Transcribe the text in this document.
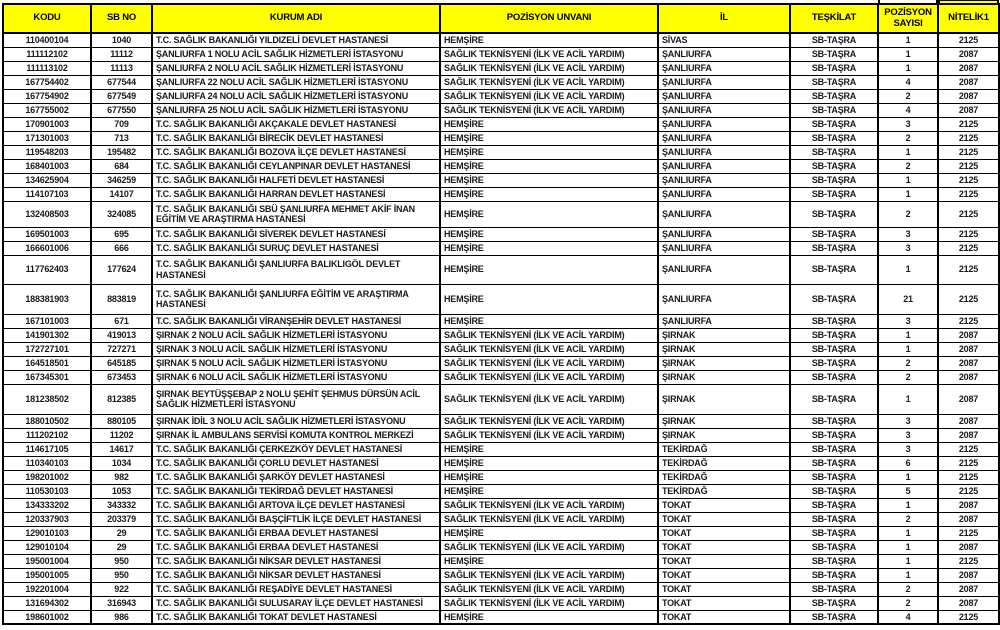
KODU	SB NO	KURUM ADI	POZİSYON UNVANI	İL	TEŞKİLAT	POZİSYON SAYISI	NİTELİK1
110400104	1040	T.C. SAĞLIK BAKANLIĞI YILDIZELİ DEVLET HASTANESİ	HEMŞİRE	SİVAS	SB-TAŞRA	1	2125
111112102	11112	ŞANLIURFA 1 NOLU ACİL SAĞLIK HİZMETLERİ İSTASYONU	SAĞLIK TEKNİSYENİ (İLK VE ACİL YARDIM)	ŞANLIURFA	SB-TAŞRA	1	2087
111113102	11113	ŞANLIURFA 2 NOLU ACİL SAĞLIK HİZMETLERİ İSTASYONU	SAĞLIK TEKNİSYENİ (İLK VE ACİL YARDIM)	ŞANLIURFA	SB-TAŞRA	1	2087
167754402	677544	ŞANLIURFA 22 NOLU ACİL SAĞLIK HİZMETLERİ İSTASYONU	SAĞLIK TEKNİSYENİ (İLK VE ACİL YARDIM)	ŞANLIURFA	SB-TAŞRA	4	2087
167754902	677549	ŞANLIURFA 24 NOLU ACİL SAĞLIK HİZMETLERİ İSTASYONU	SAĞLIK TEKNİSYENİ (İLK VE ACİL YARDIM)	ŞANLIURFA	SB-TAŞRA	2	2087
167755002	677550	ŞANLIURFA 25 NOLU ACİL SAĞLIK HİZMETLERİ İSTASYONU	SAĞLIK TEKNİSYENİ (İLK VE ACİL YARDIM)	ŞANLIURFA	SB-TAŞRA	4	2087
170901003	709	T.C. SAĞLIK BAKANLIĞI AKÇAKALE DEVLET HASTANESİ	HEMŞİRE	ŞANLIURFA	SB-TAŞRA	3	2125
171301003	713	T.C. SAĞLIK BAKANLIĞI BİRECİK DEVLET HASTANESİ	HEMŞİRE	ŞANLIURFA	SB-TAŞRA	2	2125
119548203	195482	T.C. SAĞLIK BAKANLIĞI BOZOVA İLÇE DEVLET HASTANESİ	HEMŞİRE	ŞANLIURFA	SB-TAŞRA	1	2125
168401003	684	T.C. SAĞLIK BAKANLIĞI CEYLANPINAR DEVLET HASTANESİ	HEMŞİRE	ŞANLIURFA	SB-TAŞRA	2	2125
134625904	346259	T.C. SAĞLIK BAKANLIĞI HALFETİ DEVLET HASTANESİ	HEMŞİRE	ŞANLIURFA	SB-TAŞRA	1	2125
114107103	14107	T.C. SAĞLIK BAKANLIĞI HARRAN DEVLET HASTANESİ	HEMŞİRE	ŞANLIURFA	SB-TAŞRA	1	2125
132408503	324085	T.C. SAĞLIK BAKANLIĞI SBÜ ŞANLIURFA MEHMET AKİF İNAN EĞİTİM VE ARAŞTIRMA HASTANESİ	HEMŞİRE	ŞANLIURFA	SB-TAŞRA	2	2125
169501003	695	T.C. SAĞLIK BAKANLIĞI SİVEREK DEVLET HASTANESİ	HEMŞİRE	ŞANLIURFA	SB-TAŞRA	3	2125
166601006	666	T.C. SAĞLIK BAKANLIĞI SURUÇ DEVLET HASTANESİ	HEMŞİRE	ŞANLIURFA	SB-TAŞRA	3	2125
117762403	177624	T.C. SAĞLIK BAKANLIĞI ŞANLIURFA BALIKLIGÖL DEVLET HASTANESİ	HEMŞİRE	ŞANLIURFA	SB-TAŞRA	1	2125
188381903	883819	T.C. SAĞLIK BAKANLIĞI ŞANLIURFA EĞİTİM VE ARAŞTIRMA HASTANESİ	HEMŞİRE	ŞANLIURFA	SB-TAŞRA	21	2125
167101003	671	T.C. SAĞLIK BAKANLIĞI VİRANŞEHİR DEVLET HASTANESİ	HEMŞİRE	ŞANLIURFA	SB-TAŞRA	3	2125
141901302	419013	ŞIRNAK 2 NOLU ACİL SAĞLIK HİZMETLERİ İSTASYONU	SAĞLIK TEKNİSYENİ (İLK VE ACİL YARDIM)	ŞIRNAK	SB-TAŞRA	1	2087
172727101	727271	ŞIRNAK 3 NOLU ACİL SAĞLIK HİZMETLERİ İSTASYONU	SAĞLIK TEKNİSYENİ (İLK VE ACİL YARDIM)	ŞIRNAK	SB-TAŞRA	1	2087
164518501	645185	ŞIRNAK 5 NOLU ACİL SAĞLIK HİZMETLERİ İSTASYONU	SAĞLIK TEKNİSYENİ (İLK VE ACİL YARDIM)	ŞIRNAK	SB-TAŞRA	2	2087
167345301	673453	ŞIRNAK 6 NOLU ACİL SAĞLIK HİZMETLERİ İSTASYONU	SAĞLIK TEKNİSYENİ (İLK VE ACİL YARDIM)	ŞIRNAK	SB-TAŞRA	2	2087
181238502	812385	ŞIRNAK BEYTÜŞŞEBAP 2 NOLU ŞEHİT ŞEHMUS DÜRSÜN ACİL SAĞLIK HİZMETLERİ İSTASYONU	SAĞLIK TEKNİSYENİ (İLK VE ACİL YARDIM)	ŞIRNAK	SB-TAŞRA	1	2087
188010502	880105	ŞIRNAK İDİL 3 NOLU ACİL SAĞLIK HİZMETLERİ İSTASYONU	SAĞLIK TEKNİSYENİ (İLK VE ACİL YARDIM)	ŞIRNAK	SB-TAŞRA	3	2087
111202102	11202	ŞIRNAK İL AMBULANS SERVİSİ KOMUTA KONTROL MERKEZİ	SAĞLIK TEKNİSYENİ (İLK VE ACİL YARDIM)	ŞIRNAK	SB-TAŞRA	3	2087
114617105	14617	T.C. SAĞLIK BAKANLIĞI ÇERKEZKÖY DEVLET HASTANESİ	HEMŞİRE	TEKİRDAĞ	SB-TAŞRA	3	2125
110340103	1034	T.C. SAĞLIK BAKANLIĞI ÇORLU DEVLET HASTANESİ	HEMŞİRE	TEKİRDAĞ	SB-TAŞRA	6	2125
198201002	982	T.C. SAĞLIK BAKANLIĞI ŞARKÖY DEVLET HASTANESİ	HEMŞİRE	TEKİRDAĞ	SB-TAŞRA	1	2125
110530103	1053	T.C. SAĞLIK BAKANLIĞI TEKİRDAĞ DEVLET HASTANESİ	HEMŞİRE	TEKİRDAĞ	SB-TAŞRA	5	2125
134333202	343332	T.C. SAĞLIK BAKANLIĞI ARTOVA İLÇE DEVLET HASTANESİ	SAĞLIK TEKNİSYENİ (İLK VE ACİL YARDIM)	TOKAT	SB-TAŞRA	1	2087
120337903	203379	T.C. SAĞLIK BAKANLIĞI BAŞÇİFTLİK İLÇE DEVLET HASTANESİ	SAĞLIK TEKNİSYENİ (İLK VE ACİL YARDIM)	TOKAT	SB-TAŞRA	2	2087
129010103	29	T.C. SAĞLIK BAKANLIĞI ERBAA DEVLET HASTANESİ	HEMŞİRE	TOKAT	SB-TAŞRA	1	2125
129010104	29	T.C. SAĞLIK BAKANLIĞI ERBAA DEVLET HASTANESİ	SAĞLIK TEKNİSYENİ (İLK VE ACİL YARDIM)	TOKAT	SB-TAŞRA	1	2087
195001004	950	T.C. SAĞLIK BAKANLIĞI NİKSAR DEVLET HASTANESİ	HEMŞİRE	TOKAT	SB-TAŞRA	1	2125
195001005	950	T.C. SAĞLIK BAKANLIĞI NİKSAR DEVLET HASTANESİ	SAĞLIK TEKNİSYENİ (İLK VE ACİL YARDIM)	TOKAT	SB-TAŞRA	1	2087
192201004	922	T.C. SAĞLIK BAKANLIĞI REŞADİYE DEVLET HASTANESİ	SAĞLIK TEKNİSYENİ (İLK VE ACİL YARDIM)	TOKAT	SB-TAŞRA	2	2087
131694302	316943	T.C. SAĞLIK BAKANLIĞI SULUSARAY İLÇE DEVLET HASTANESİ	SAĞLIK TEKNİSYENİ (İLK VE ACİL YARDIM)	TOKAT	SB-TAŞRA	2	2087
198601002	986	T.C. SAĞLIK BAKANLIĞI TOKAT DEVLET HASTANESİ	HEMŞİRE	TOKAT	SB-TAŞRA	4	2125
